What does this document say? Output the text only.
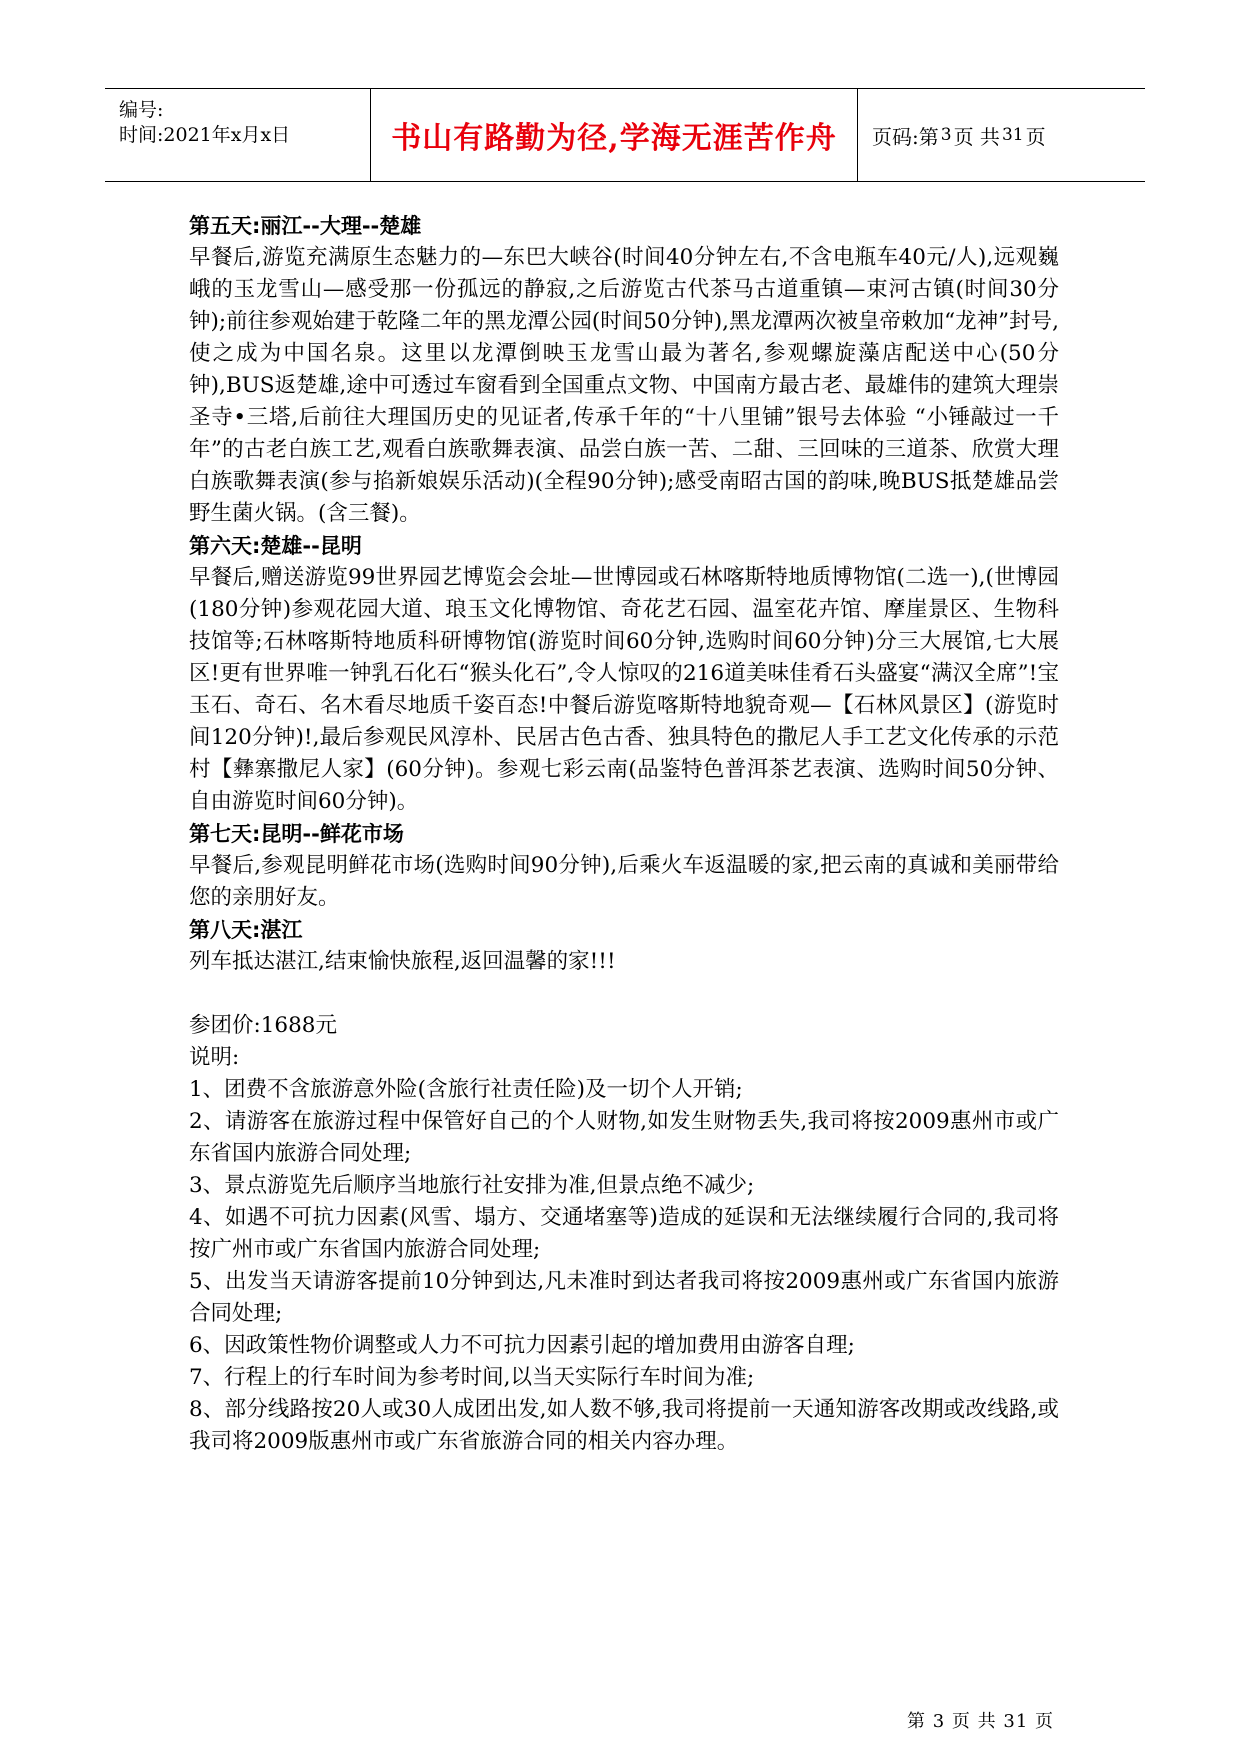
编号:
时间:2021年x月x日	书山有路勤为径,学海无涯苦作舟	页码:第 3 页 共 31 页

第五天:丽江--大理--楚雄

早餐后,游览充满原生态魅力的—东巴大峡谷(时间40分钟左右,不含电瓶车40元/人),远观巍峨的玉龙雪山—感受那一份孤远的静寂,之后游览古代茶马古道重镇—束河古镇(时间30分钟);前往参观始建于乾隆二年的黑龙潭公园(时间50分钟),黑龙潭两次被皇帝敕加“龙神”封号,使之成为中国名泉。这里以龙潭倒映玉龙雪山最为著名,参观螺旋藻店配送中心(50分钟),BUS返楚雄,途中可透过车窗看到全国重点文物、中国南方最古老、最雄伟的建筑大理崇圣寺•三塔,后前往大理国历史的见证者,传承千年的“十八里铺”银号去体验 “小锤敲过一千年”的古老白族工艺,观看白族歌舞表演、品尝白族一苦、二甜、三回味的三道茶、欣赏大理白族歌舞表演(参与掐新娘娱乐活动)(全程90分钟);感受南昭古国的韵味,晚BUS抵楚雄品尝野生菌火锅。(含三餐)。

第六天:楚雄--昆明

早餐后,赠送游览99世界园艺博览会会址—世博园或石林喀斯特地质博物馆(二选一),(世博园(180分钟)参观花园大道、琅玉文化博物馆、奇花艺石园、温室花卉馆、摩崖景区、生物科技馆等;石林喀斯特地质科研博物馆(游览时间60分钟,选购时间60分钟)分三大展馆,七大展区!更有世界唯一钟乳石化石“猴头化石”,令人惊叹的216道美味佳肴石头盛宴“满汉全席”!宝玉石、奇石、名木看尽地质千姿百态!中餐后游览喀斯特地貌奇观—【石林风景区】(游览时间120分钟)!,最后参观民风淳朴、民居古色古香、独具特色的撒尼人手工艺文化传承的示范村【彝寨撒尼人家】(60分钟)。参观七彩云南(品鉴特色普洱茶艺表演、选购时间50分钟、自由游览时间60分钟)。

第七天:昆明--鲜花市场

早餐后,参观昆明鲜花市场(选购时间90分钟),后乘火车返温暖的家,把云南的真诚和美丽带给您的亲朋好友。

第八天:湛江

列车抵达湛江,结束愉快旅程,返回温馨的家!!!

参团价:1688元

说明:

1、团费不含旅游意外险(含旅行社责任险)及一切个人开销;

2、请游客在旅游过程中保管好自己的个人财物,如发生财物丢失,我司将按2009惠州市或广东省国内旅游合同处理;

3、景点游览先后顺序当地旅行社安排为准,但景点绝不减少;

4、如遇不可抗力因素(风雪、塌方、交通堵塞等)造成的延误和无法继续履行合同的,我司将按广州市或广东省国内旅游合同处理;

5、出发当天请游客提前10分钟到达,凡未准时到达者我司将按2009惠州或广东省国内旅游合同处理;

6、因政策性物价调整或人力不可抗力因素引起的增加费用由游客自理;

7、行程上的行车时间为参考时间,以当天实际行车时间为准;

8、部分线路按20人或30人成团出发,如人数不够,我司将提前一天通知游客改期或改线路,或我司将2009版惠州市或广东省旅游合同的相关内容办理。

第 3 页 共 31 页
